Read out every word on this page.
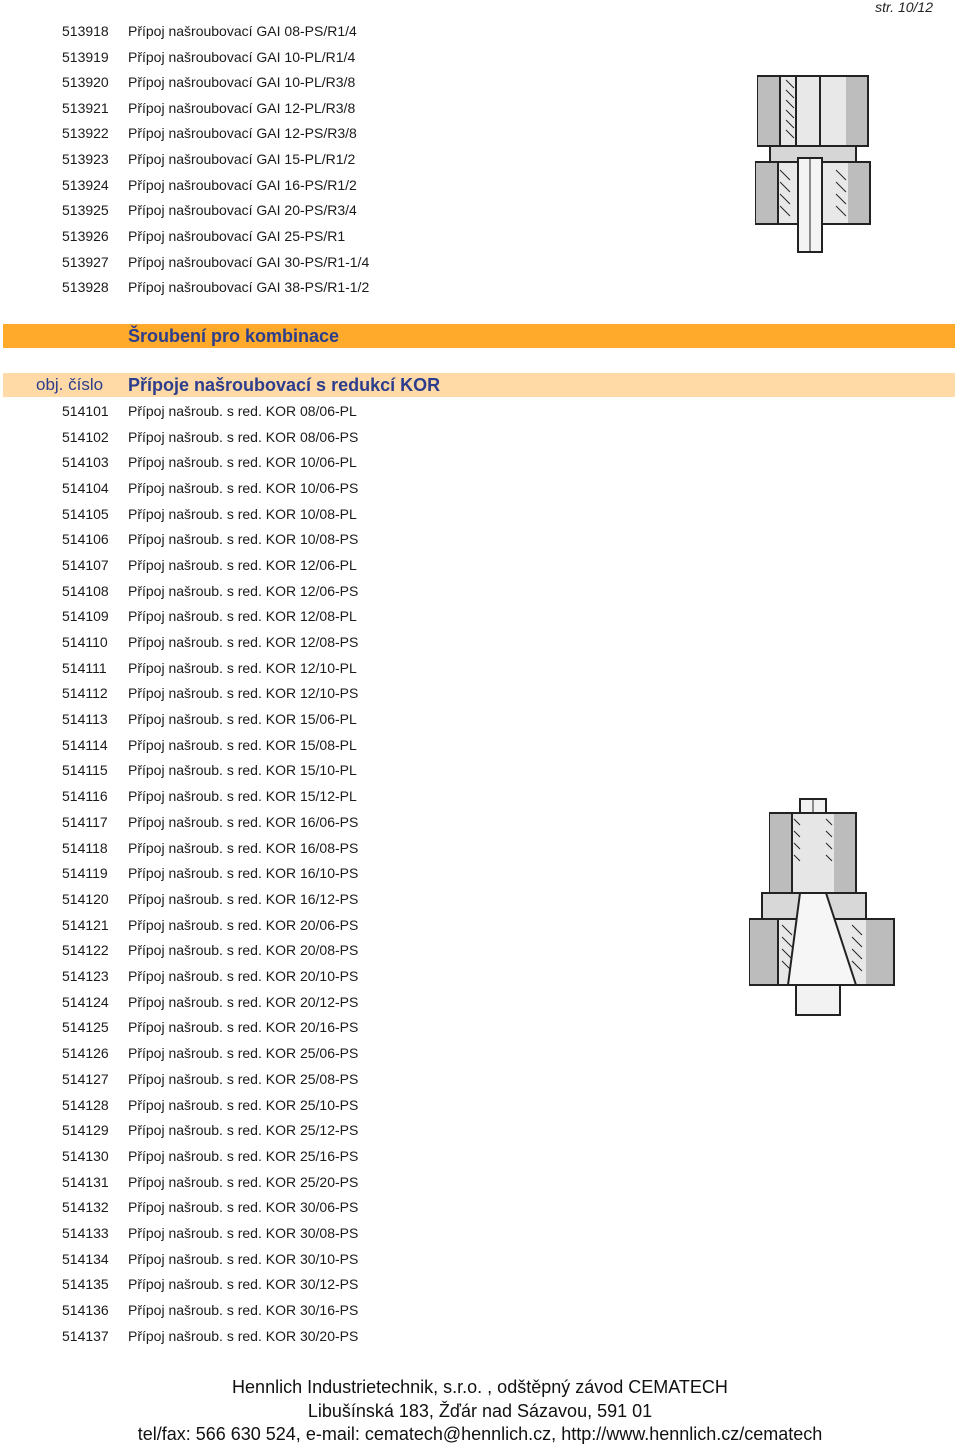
str. 10/12
513918 Přípoj našroubovací GAI 08-PS/R1/4
513919 Přípoj našroubovací GAI 10-PL/R1/4
513920 Přípoj našroubovací GAI 10-PL/R3/8
513921 Přípoj našroubovací GAI 12-PL/R3/8
513922 Přípoj našroubovací GAI 12-PS/R3/8
513923 Přípoj našroubovací GAI 15-PL/R1/2
513924 Přípoj našroubovací GAI 16-PS/R1/2
513925 Přípoj našroubovací GAI 20-PS/R3/4
513926 Přípoj našroubovací GAI 25-PS/R1
513927 Přípoj našroubovací GAI 30-PS/R1-1/4
513928 Přípoj našroubovací GAI 38-PS/R1-1/2
Šroubení pro kombinace
obj. číslo Přípoje našroubovací s redukcí KOR
514101 Přípoj našroub. s red. KOR 08/06-PL
514102 Přípoj našroub. s red. KOR 08/06-PS
514103 Přípoj našroub. s red. KOR 10/06-PL
514104 Přípoj našroub. s red. KOR 10/06-PS
514105 Přípoj našroub. s red. KOR 10/08-PL
514106 Přípoj našroub. s red. KOR 10/08-PS
514107 Přípoj našroub. s red. KOR 12/06-PL
514108 Přípoj našroub. s red. KOR 12/06-PS
514109 Přípoj našroub. s red. KOR 12/08-PL
514110 Přípoj našroub. s red. KOR 12/08-PS
514111 Přípoj našroub. s red. KOR 12/10-PL
514112 Přípoj našroub. s red. KOR 12/10-PS
514113 Přípoj našroub. s red. KOR 15/06-PL
514114 Přípoj našroub. s red. KOR 15/08-PL
514115 Přípoj našroub. s red. KOR 15/10-PL
514116 Přípoj našroub. s red. KOR 15/12-PL
514117 Přípoj našroub. s red. KOR 16/06-PS
514118 Přípoj našroub. s red. KOR 16/08-PS
514119 Přípoj našroub. s red. KOR 16/10-PS
514120 Přípoj našroub. s red. KOR 16/12-PS
514121 Přípoj našroub. s red. KOR 20/06-PS
514122 Přípoj našroub. s red. KOR 20/08-PS
514123 Přípoj našroub. s red. KOR 20/10-PS
514124 Přípoj našroub. s red. KOR 20/12-PS
514125 Přípoj našroub. s red. KOR 20/16-PS
514126 Přípoj našroub. s red. KOR 25/06-PS
514127 Přípoj našroub. s red. KOR 25/08-PS
514128 Přípoj našroub. s red. KOR 25/10-PS
514129 Přípoj našroub. s red. KOR 25/12-PS
514130 Přípoj našroub. s red. KOR 25/16-PS
514131 Přípoj našroub. s red. KOR 25/20-PS
514132 Přípoj našroub. s red. KOR 30/06-PS
514133 Přípoj našroub. s red. KOR 30/08-PS
514134 Přípoj našroub. s red. KOR 30/10-PS
514135 Přípoj našroub. s red. KOR 30/12-PS
514136 Přípoj našroub. s red. KOR 30/16-PS
514137 Přípoj našroub. s red. KOR 30/20-PS
Hennlich Industrietechnik, s.r.o. , odštěpný závod CEMATECH
Libušínská 183, Žďár nad Sázavou, 591 01
tel/fax: 566 630 524, e-mail: cematech@hennlich.cz, http://www.hennlich.cz/cematech
